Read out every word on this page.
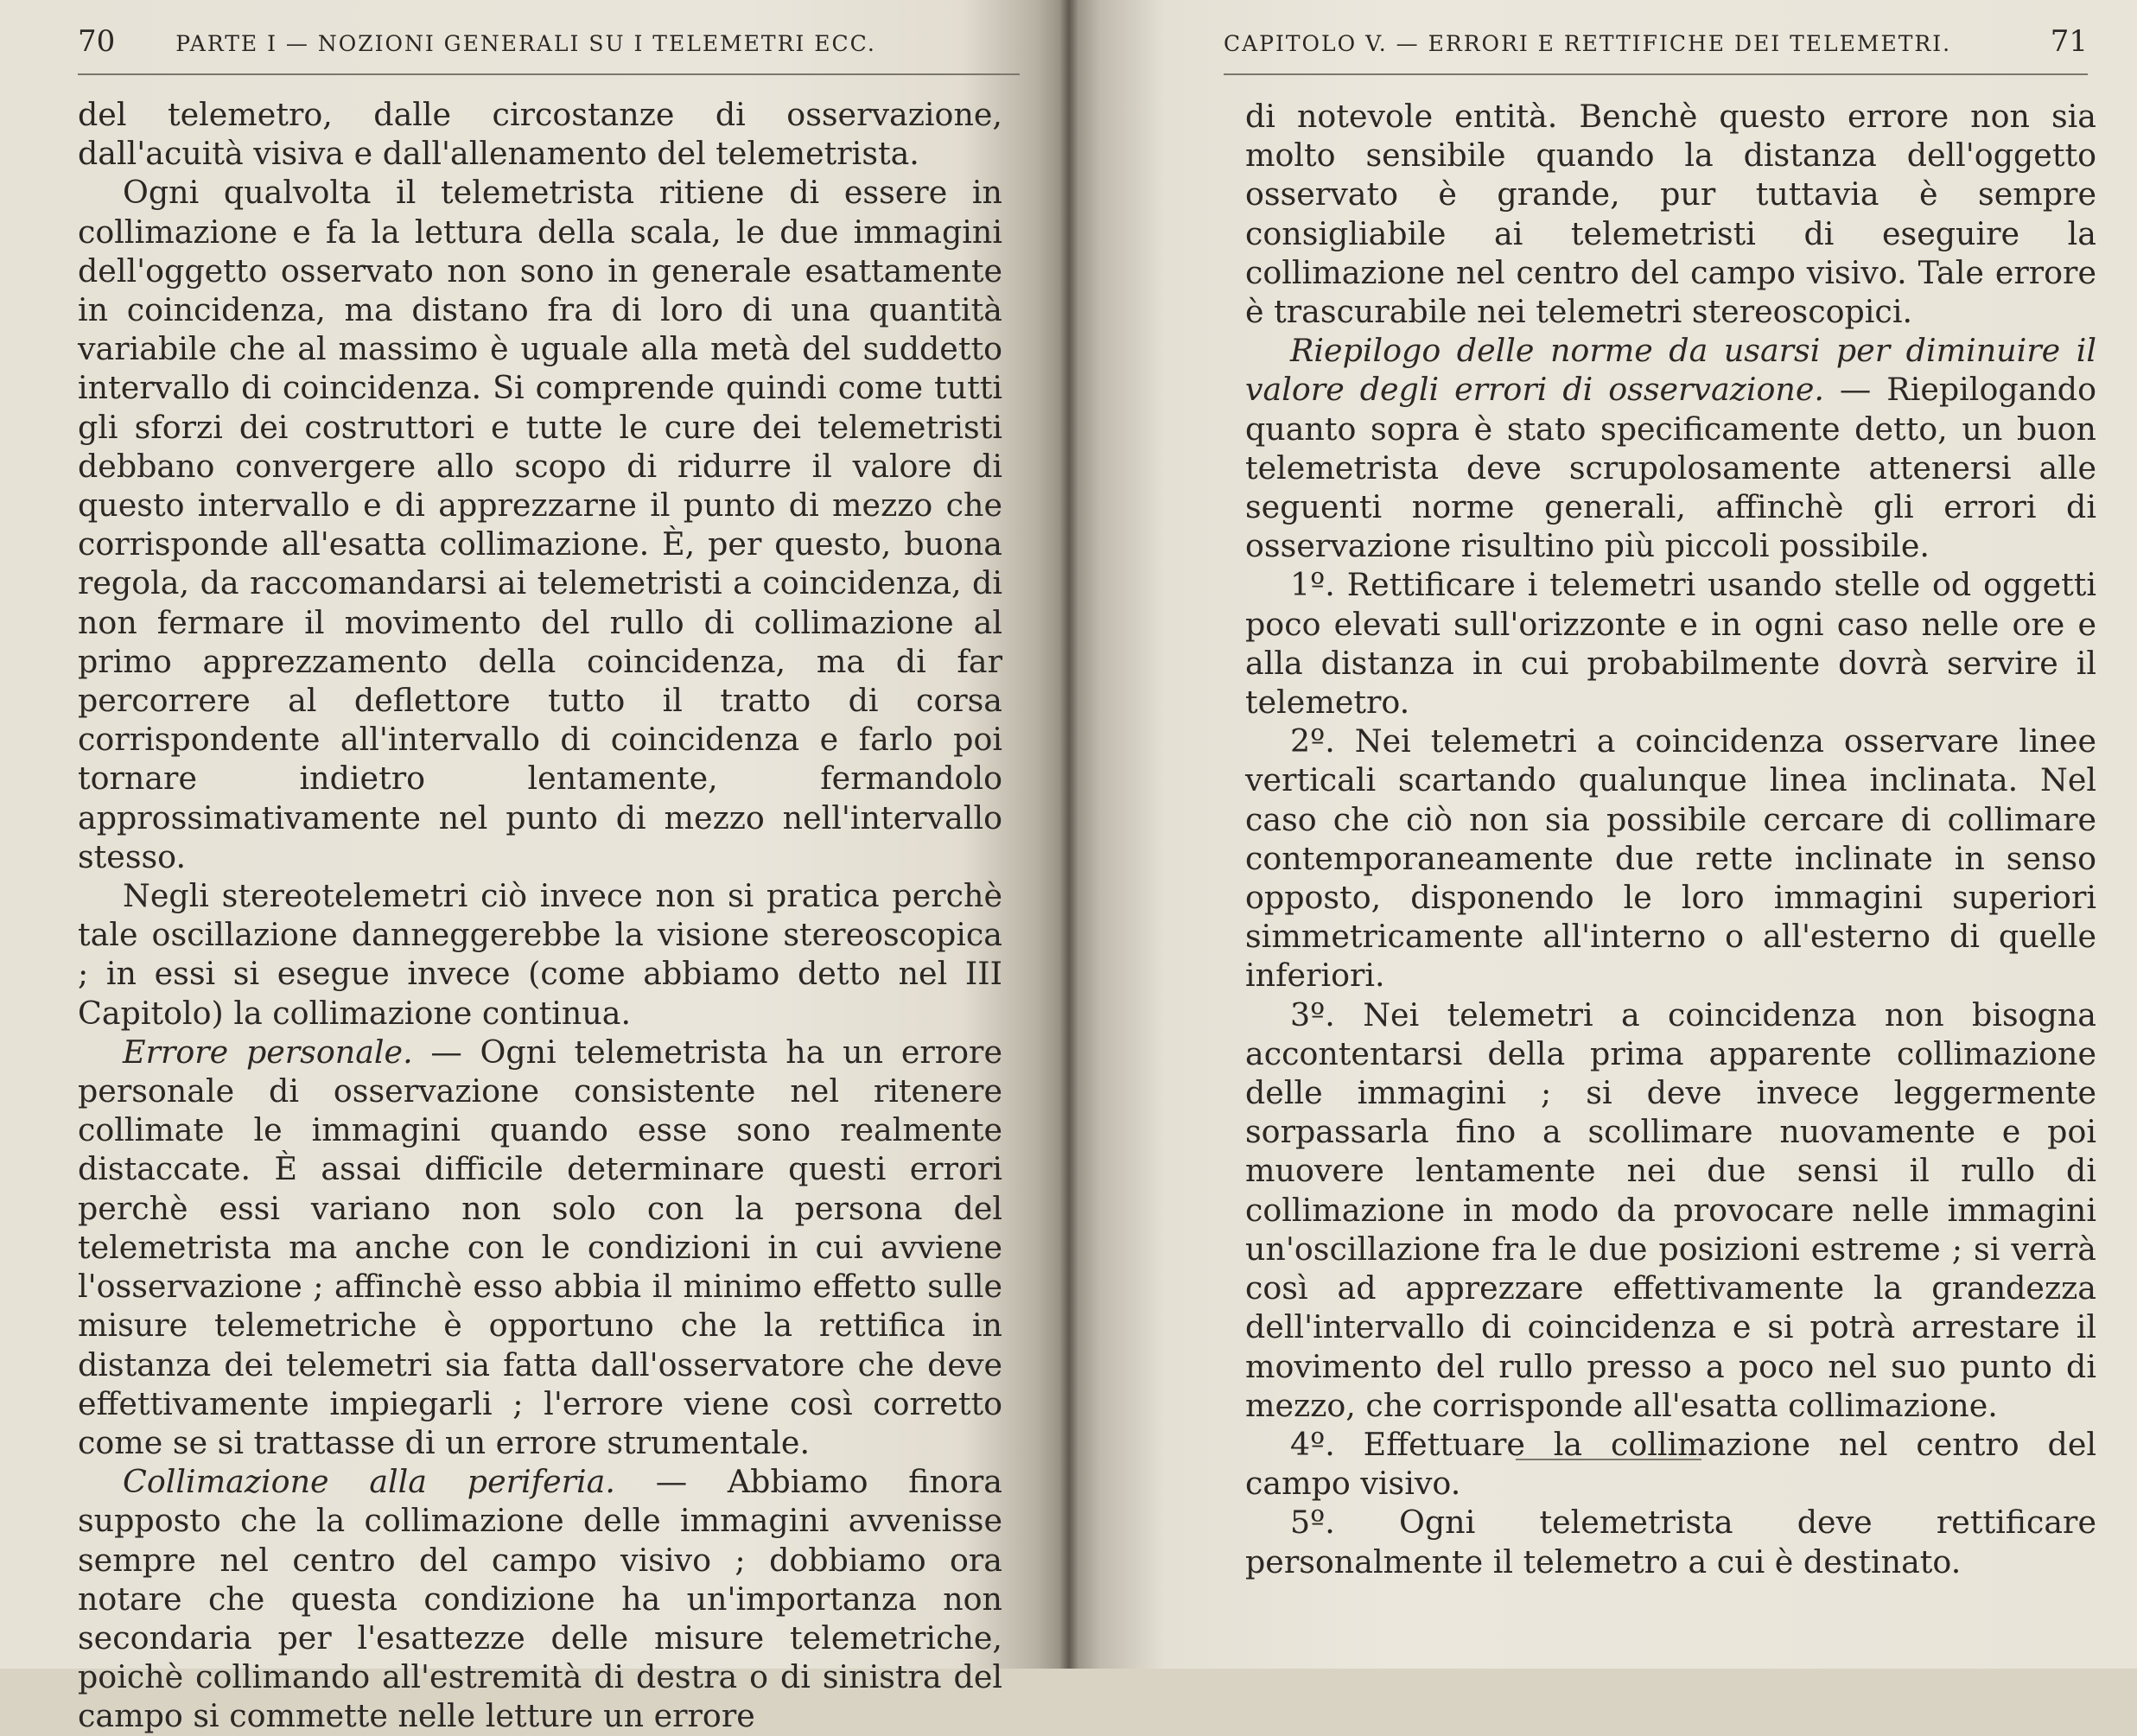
70	PARTE I — NOZIONI GENERALI SU I TELEMETRI ECC.

del telemetro, dalle circostanze di osservazione, dall'acuità visiva e dall'allenamento del telemetrista.

Ogni qualvolta il telemetrista ritiene di essere in collimazione e fa la lettura della scala, le due immagini dell'oggetto osservato non sono in generale esattamente in coincidenza, ma distano fra di loro di una quantità variabile che al massimo è uguale alla metà del suddetto intervallo di coincidenza. Si comprende quindi come tutti gli sforzi dei costruttori e tutte le cure dei telemetristi debbano convergere allo scopo di ridurre il valore di questo intervallo e di apprezzarne il punto di mezzo che corrisponde all'esatta collimazione. È, per questo, buona regola, da raccomandarsi ai telemetristi a coincidenza, di non fermare il movimento del rullo di collimazione al primo apprezzamento della coincidenza, ma di far percorrere al deflettore tutto il tratto di corsa corrispondente all'intervallo di coincidenza e farlo poi tornare indietro lentamente, fermandolo approssimativamente nel punto di mezzo nell'intervallo stesso.

Negli stereotelemetri ciò invece non si pratica perchè tale oscillazione danneggerebbe la visione stereoscopica ; in essi si esegue invece (come abbiamo detto nel III Capitolo) la collimazione continua.

Errore personale. — Ogni telemetrista ha un errore personale di osservazione consistente nel ritenere collimate le immagini quando esse sono realmente distaccate. È assai difficile determinare questi errori perchè essi variano non solo con la persona del telemetrista ma anche con le condizioni in cui avviene l'osservazione ; affinchè esso abbia il minimo effetto sulle misure telemetriche è opportuno che la rettifica in distanza dei telemetri sia fatta dall'osservatore che deve effettivamente impiegarli ; l'errore viene così corretto come se si trattasse di un errore strumentale.

Collimazione alla periferia. — Abbiamo finora supposto che la collimazione delle immagini avvenisse sempre nel centro del campo visivo ; dobbiamo ora notare che questa condizione ha un'importanza non secondaria per l'esattezze delle misure telemetriche, poichè collimando all'estremità di destra o di sinistra del campo si commette nelle letture un errore

CAPITOLO V. — ERRORI E RETTIFICHE DEI TELEMETRI.	71

di notevole entità. Benchè questo errore non sia molto sensibile quando la distanza dell'oggetto osservato è grande, pur tuttavia è sempre consigliabile ai telemetristi di eseguire la collimazione nel centro del campo visivo. Tale errore è trascurabile nei telemetri stereoscopici.

Riepilogo delle norme da usarsi per diminuire il valore degli errori di osservazione. — Riepilogando quanto sopra è stato specificamente detto, un buon telemetrista deve scrupolosamente attenersi alle seguenti norme generali, affinchè gli errori di osservazione risultino più piccoli possibile.

1º. Rettificare i telemetri usando stelle od oggetti poco elevati sull'orizzonte e in ogni caso nelle ore e alla distanza in cui probabilmente dovrà servire il telemetro.

2º. Nei telemetri a coincidenza osservare linee verticali scartando qualunque linea inclinata. Nel caso che ciò non sia possibile cercare di collimare contemporaneamente due rette inclinate in senso opposto, disponendo le loro immagini superiori simmetricamente all'interno o all'esterno di quelle inferiori.

3º. Nei telemetri a coincidenza non bisogna accontentarsi della prima apparente collimazione delle immagini ; si deve invece leggermente sorpassarla fino a scollimare nuovamente e poi muovere lentamente nei due sensi il rullo di collimazione in modo da provocare nelle immagini un'oscillazione fra le due posizioni estreme ; si verrà così ad apprezzare effettivamente la grandezza dell'intervallo di coincidenza e si potrà arrestare il movimento del rullo presso a poco nel suo punto di mezzo, che corrisponde all'esatta collimazione.

4º. Effettuare la collimazione nel centro del campo visivo.

5º. Ogni telemetrista deve rettificare personalmente il telemetro a cui è destinato.
